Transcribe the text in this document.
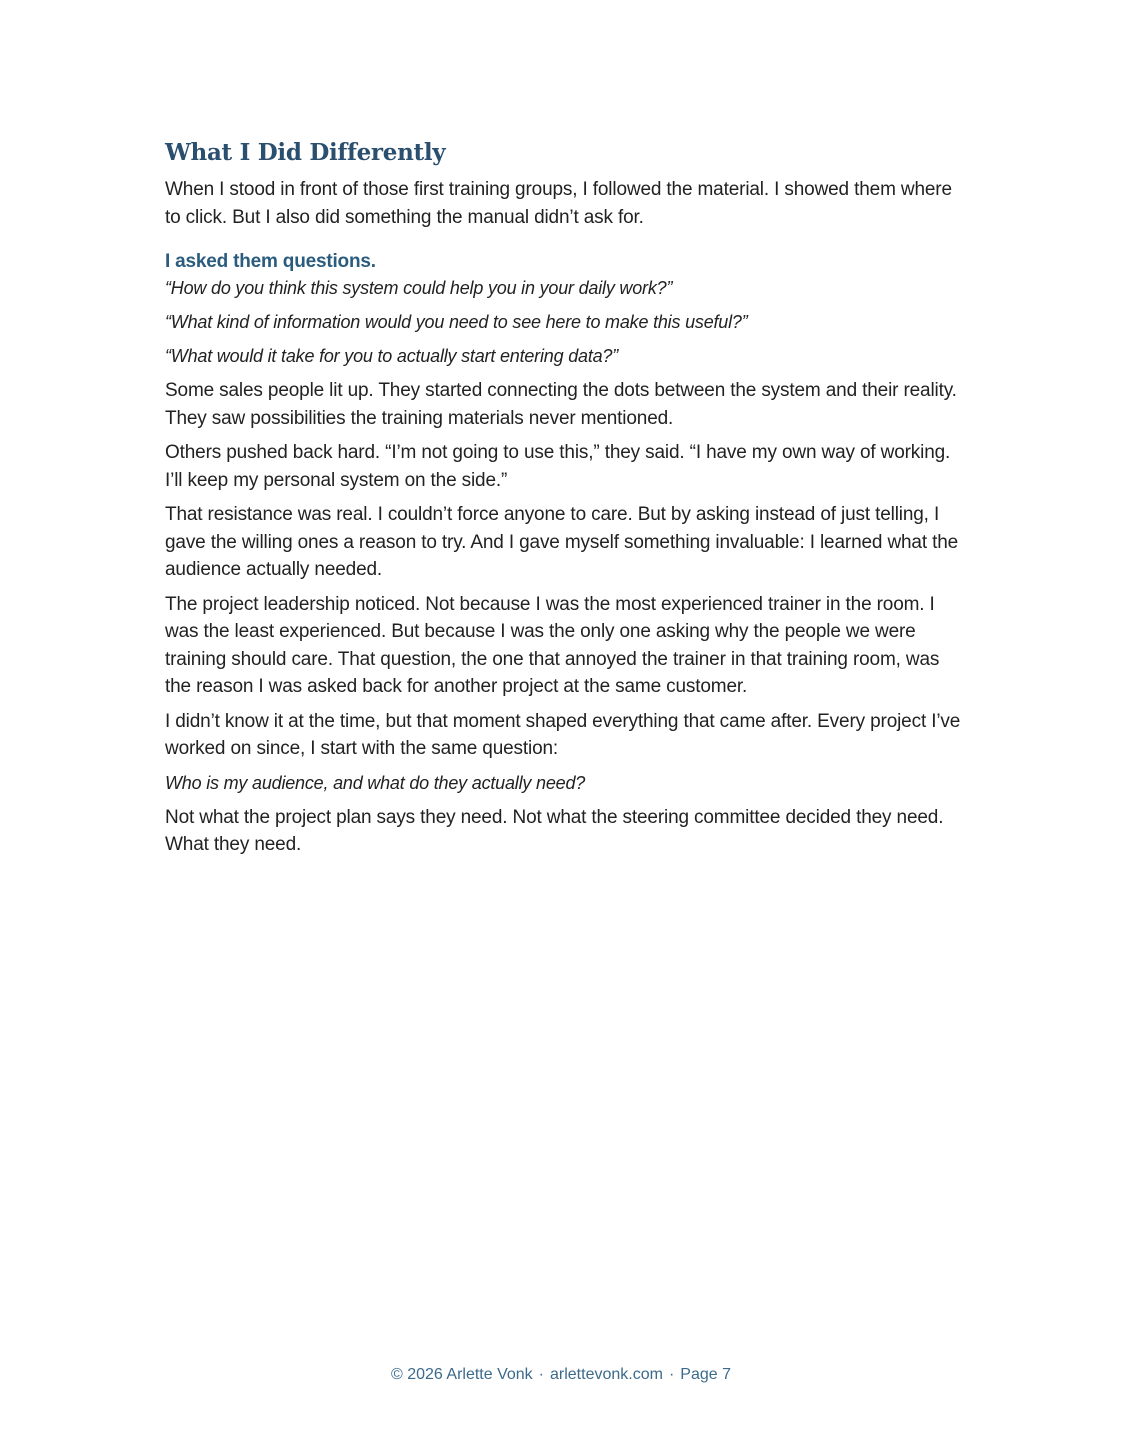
What I Did Differently

When I stood in front of those first training groups, I followed the material. I showed them where to click. But I also did something the manual didn’t ask for.

I asked them questions.

“How do you think this system could help you in your daily work?”

“What kind of information would you need to see here to make this useful?”

“What would it take for you to actually start entering data?”

Some sales people lit up. They started connecting the dots between the system and their reality. They saw possibilities the training materials never mentioned.

Others pushed back hard. “I’m not going to use this,” they said. “I have my own way of working. I’ll keep my personal system on the side.”

That resistance was real. I couldn’t force anyone to care. But by asking instead of just telling, I gave the willing ones a reason to try. And I gave myself something invaluable: I learned what the audience actually needed.

The project leadership noticed. Not because I was the most experienced trainer in the room. I was the least experienced. But because I was the only one asking why the people we were training should care. That question, the one that annoyed the trainer in that training room, was the reason I was asked back for another project at the same customer.

I didn’t know it at the time, but that moment shaped everything that came after. Every project I’ve worked on since, I start with the same question:

Who is my audience, and what do they actually need?

Not what the project plan says they need. Not what the steering committee decided they need. What they need.

© 2026 Arlette Vonk · arlettevonk.com · Page 7
